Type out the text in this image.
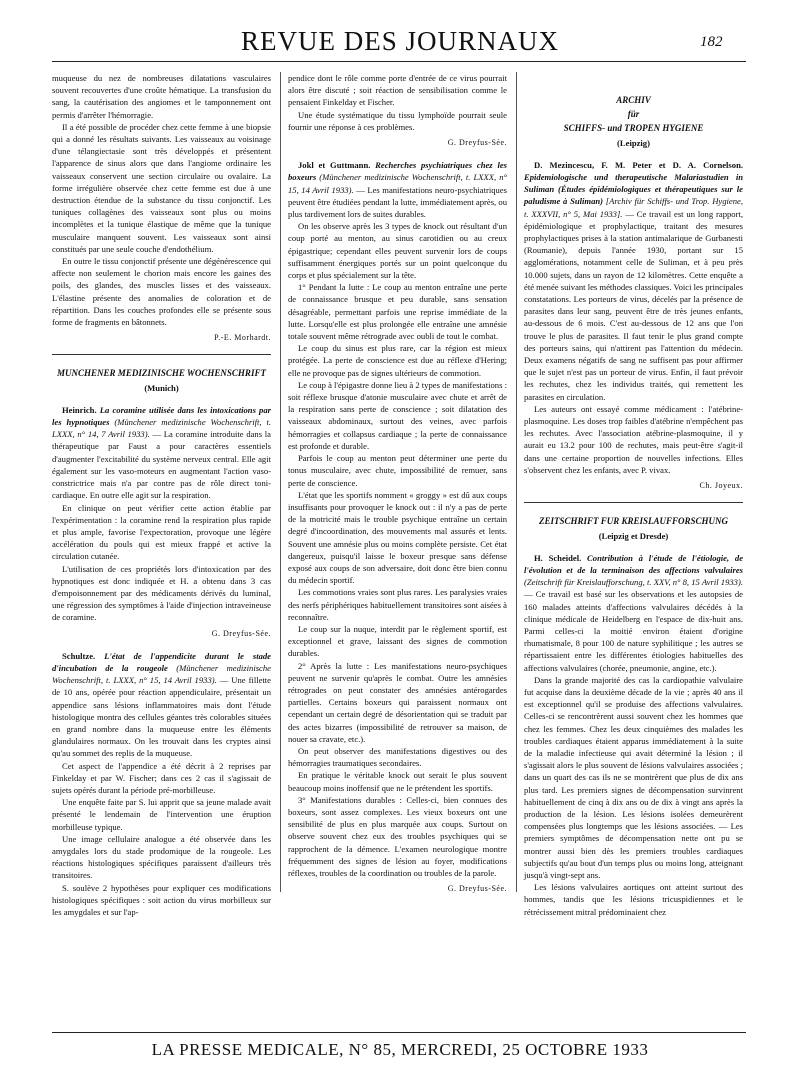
REVUE DES JOURNAUX	182

muqueuse du nez de nombreuses dilatations vasculaires souvent recouvertes d'une croûte hématique. La transfusion du sang, la cautérisation des angiomes et le tamponnement ont permis d'arrêter l'hémorragie.

Il a été possible de procéder chez cette femme à une biopsie qui a donné les résultats suivants. Les vaisseaux au voisinage d'une télangiectasie sont très développés et présentent l'apparence de sinus alors que dans l'angiome ordinaire les vaisseaux conservent une section circulaire ou ovalaire. La forme irrégulière observée chez cette femme est due à une destruction étendue de la substance du tissu conjonctif. Les tuniques collagènes des vaisseaux sont plus ou moins incomplètes et la tunique élastique de même que la tunique musculaire manquent souvent. Les vaisseaux sont ainsi constitués par une seule couche d'endothélium.

En outre le tissu conjonctif présente une dégénérescence qui affecte non seulement le chorion mais encore les gaines des poils, des glandes, des muscles lisses et des vaisseaux. L'élastine présente des anomalies de coloration et de répartition. Dans les couches profondes elle se présente sous forme de fragments en bâtonnets.

P.-E. Morhardt.
MUNCHENER MEDIZINISCHE WOCHENSCHRIFT
(Munich)

Heinrich. La coramine utilisée dans les intoxications par les hypnotiques (Münchener medizinische Wochenschrift, t. LXXX, n° 14, 7 Avril 1933). — La coramine introduite dans la thérapeutique par Faust a pour caractères essentiels d'augmenter l'excitabilité du système nerveux central. Elle agit également sur les vaso-moteurs en augmentant l'action vaso-constrictrice mais n'a par contre pas de rôle direct toni-cardiaque. En outre elle agit sur la respiration.

En clinique on peut vérifier cette action établie par l'expérimentation : la coramine rend la respiration plus rapide et plus ample, favorise l'expectoration, provoque une légère accélération du pouls qui est mieux frappé et active la circulation cutanée.

L'utilisation de ces propriétés lors d'intoxication par des hypnotiques est donc indiquée et H. a obtenu dans 3 cas d'empoisonnement par des médicaments dérivés du luminal, une régression des symptômes à l'aide d'injection intraveineuse de coramine.

G. Dreyfus-Sée.

Schultze. L'état de l'appendicite durant le stade d'incubation de la rougeole (Münchener medizinische Wochenschrift, t. LXXX, n° 15, 14 Avril 1933). — Une fillette de 10 ans, opérée pour réaction appendiculaire, présentait un appendice sans lésions inflammatoires mais dont l'étude histologique montra des cellules géantes très colorables situées en grand nombre dans la muqueuse entre les éléments glandulaires normaux. On les trouvait dans les cryptes ainsi qu'au sommet des replis de la muqueuse.

Cet aspect de l'appendice a été décrit à 2 reprises par Finkelday et par W. Fischer; dans ces 2 cas il s'agissait de sujets opérés durant la période pré-morbilleuse.

Une enquête faite par S. lui apprit que sa jeune malade avait présenté le lendemain de l'intervention une éruption morbilleuse typique.

Une image cellulaire analogue a été observée dans les amygdales lors du stade prodomique de la rougeole. Les réactions histologiques spécifiques paraissent d'ailleurs très transitoires.

S. soulève 2 hypothèses pour expliquer ces modifications histologiques spécifiques : soit action du virus morbilleux sur les amygdales et sur l'ap-

pendice dont le rôle comme porte d'entrée de ce virus pourrait alors être discuté ; soit réaction de sensibilisation comme le pensaient Finkelday et Fischer.

Une étude systématique du tissu lymphoïde pourrait seule fournir une réponse à ces problèmes.

G. Dreyfus-Sée.

Jokl et Guttmann. Recherches psychiatriques chez les boxeurs (Münchener medizinische Wochenschrift, t. LXXX, n° 15, 14 Avril 1933). — Les manifestations neuro-psychiatriques peuvent être étudiées pendant la lutte, immédiatement après, ou plus tardivement lors de suites durables.

On les observe après les 3 types de knock out résultant d'un coup porté au menton, au sinus carotidien ou au creux épigastrique; cependant elles peuvent survenir lors de coups suffisamment énergiques portés sur un point quelconque du corps et plus spécialement sur la tête.

1° Pendant la lutte : Le coup au menton entraîne une perte de connaissance brusque et peu durable, sans sensation désagréable, permettant parfois une reprise immédiate de la lutte. Lorsqu'elle est plus prolongée elle entraîne une amnésie totale souvent même rétrograde avec oubli de tout le combat.

Le coup du sinus est plus rare, car la région est mieux protégée. La perte de conscience est due au réflexe d'Hering; elle ne provoque pas de signes ultérieurs de commotion.

Le coup à l'épigastre donne lieu à 2 types de manifestations : soit réflexe brusque d'atonie musculaire avec chute et arrêt de la respiration sans perte de conscience ; soit dilatation des vaisseaux abdominaux, surtout des veines, avec parfois hémorragies et collapsus cardiaque ; la perte de connaissance est profonde et durable.

Parfois le coup au menton peut déterminer une perte du tonus musculaire, avec chute, impossibilité de remuer, sans perte de conscience.

L'état que les sportifs nomment « groggy » est dû aux coups insuffisants pour provoquer le knock out : il n'y a pas de perte de la motricité mais le trouble psychique entraîne un certain degré d'incoordination, des mouvements mal assurés et lents. Souvent une amnésie plus ou moins complète persiste. Cet état dangereux, puisqu'il laisse le boxeur presque sans défense exposé aux coups de son adversaire, doit donc être bien connu du médecin sportif.

Les commotions vraies sont plus rares. Les paralysies vraies des nerfs périphériques habituellement transitoires sont aisées à reconnaître.

Le coup sur la nuque, interdit par le règlement sportif, est exceptionnel et grave, laissant des signes de commotion durables.

2° Après la lutte : Les manifestations neuro-psychiques peuvent ne survenir qu'après le combat. Outre les amnésies rétrogrades on peut constater des amnésies antérogardes partielles. Certains boxeurs qui paraissent normaux ont cependant un certain degré de désorientation qui se traduit par des actes bizarres (impossibilité de retrouver sa maison, de nouer sa cravate, etc.).

On peut observer des manifestations digestives ou des hémorragies traumatiques secondaires.

En pratique le véritable knock out serait le plus souvent beaucoup moins inoffensif que ne le prétendent les sportifs.

3° Manifestations durables : Celles-ci, bien connues des boxeurs, sont assez complexes. Les vieux boxeurs ont une sensibilité de plus en plus marquée aux coups. Surtout on observe souvent chez eux des troubles psychiques qui se rapprochent de la démence. L'examen neurologique montre fréquemment des signes de lésion au foyer, modifications réflexes, troubles de la coordination ou troubles de la parole.

G. Dreyfus-Sée.
ARCHIV
für
SCHIFFS- und TROPEN HYGIENE
(Leipzig)

D. Mezincescu, F. M. Peter et D. A. Cornelson. Epidemiologische und therapeutische Malariastudien in Suliman (Études épidémiologiques et thérapeutiques sur le paludisme à Suliman) [Archiv für Schiffs- und Trop. Hygiene, t. XXXVII, n° 5, Mai 1933]. — Ce travail est un long rapport, épidémiologique et prophylactique, traitant des mesures prophylactiques prises à la station antimalarique de Gurbanesti (Roumanie), depuis l'année 1930, portant sur 15 agglomérations, notamment celle de Suliman, et à peu près 10.000 sujets, dans un rayon de 12 kilomètres. Cette enquête a été menée suivant les méthodes classiques. Voici les principales constatations. Les porteurs de virus, décelés par la présence de parasites dans leur sang, peuvent être de très jeunes enfants, au-dessous de 6 mois. C'est au-dessous de 12 ans que l'on trouve le plus de parasites. Il faut tenir le plus grand compte des porteurs sains, qui n'attirent pas l'attention du médecin. Deux examens négatifs de sang ne suffisent pas pour affirmer que le sujet n'est pas un porteur de virus. Enfin, il faut prévoir les rechutes, chez les individus traités, qui remettent les parasites en circulation.

Les auteurs ont essayé comme médicament : l'atébrine-plasmoquine. Les doses trop faibles d'atébrine n'empêchent pas les rechutes. Avec l'association atébrine-plasmoquine, il y aurait eu 13.2 pour 100 de rechutes, mais peut-être s'agit-il dans une certaine proportion de nouvelles infections. Elles s'observent chez les enfants, avec P. vivax.

Ch. Joyeux.
ZEITSCHRIFT FUR KREISLAUFFORSCHUNG
(Leipzig et Dresde)

H. Scheidel. Contribution à l'étude de l'étiologie, de l'évolution et de la terminaison des affections valvulaires (Zeitschrift für Kreislaufforschung, t. XXV, n° 8, 15 Avril 1933). — Ce travail est basé sur les observations et les autopsies de 160 malades atteints d'affections valvulaires décédés à la clinique médicale de Heidelberg en l'espace de dix-huit ans. Parmi celles-ci la moitié environ étaient d'origine rhumatismale, 8 pour 100 de nature syphilitique ; les autres se répartissaient entre les différentes étiologies habituelles des affections valvulaires (chorée, pneumonie, angine, etc.).

Dans la grande majorité des cas la cardiopathie valvulaire fut acquise dans la deuxième décade de la vie ; après 40 ans il est exceptionnel qu'il se produise des affections valvulaires. Celles-ci se rencontrèrent aussi souvent chez les hommes que chez les femmes. Chez les deux cinquièmes des malades les troubles cardiaques étaient apparus immédiatement à la suite de la maladie infectieuse qui avait déterminé la lésion ; il s'agissait alors le plus souvent de lésions valvulaires associées ; dans un quart des cas ils ne se montrèrent que plus de dix ans plus tard. Les premiers signes de décompensation survinrent habituellement de cinq à dix ans ou de dix à vingt ans après la production de la lésion. Les lésions isolées demeurèrent compensées plus longtemps que les lésions associées. — Les premiers symptômes de décompensation nette ont pu se montrer aussi bien dès les premiers troubles cardiaques subjectifs qu'au bout d'un temps plus ou moins long, atteignant jusqu'à vingt-sept ans.

Les lésions valvulaires aortiques ont atteint surtout des hommes, tandis que les lésions tricuspidiennes et le rétrécissement mitral prédominaient chez

LA PRESSE MEDICALE, N° 85, MERCREDI, 25 OCTOBRE 1933
